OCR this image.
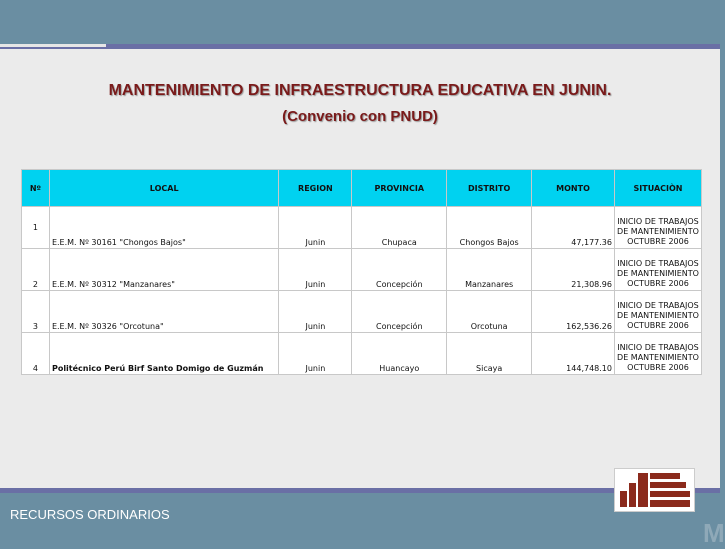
MANTENIMIENTO DE INFRAESTRUCTURA EDUCATIVA EN JUNIN.
(Convenio con PNUD)
Nº	LOCAL	REGION	PROVINCIA	DISTRITO	MONTO	SITUACIÒN
1	E.E.M. Nº 30161 "Chongos Bajos"	Junin	Chupaca	Chongos Bajos	47,177.36	INICIO DE TRABAJOS DE MANTENIMIENTO OCTUBRE 2006
2	E.E.M. Nº 30312 "Manzanares"	Junin	Concepción	Manzanares	21,308.96	INICIO DE TRABAJOS DE MANTENIMIENTO OCTUBRE 2006
3	E.E.M. Nº 30326 "Orcotuna"	Junin	Concepción	Orcotuna	162,536.26	INICIO DE TRABAJOS DE MANTENIMIENTO OCTUBRE 2006
4	Politécnico Perú Birf Santo Domigo de Guzmán	Junin	Huancayo	Sicaya	144,748.10	INICIO DE TRABAJOS DE MANTENIMIENTO OCTUBRE 2006
RECURSOS ORDINARIOS
M
